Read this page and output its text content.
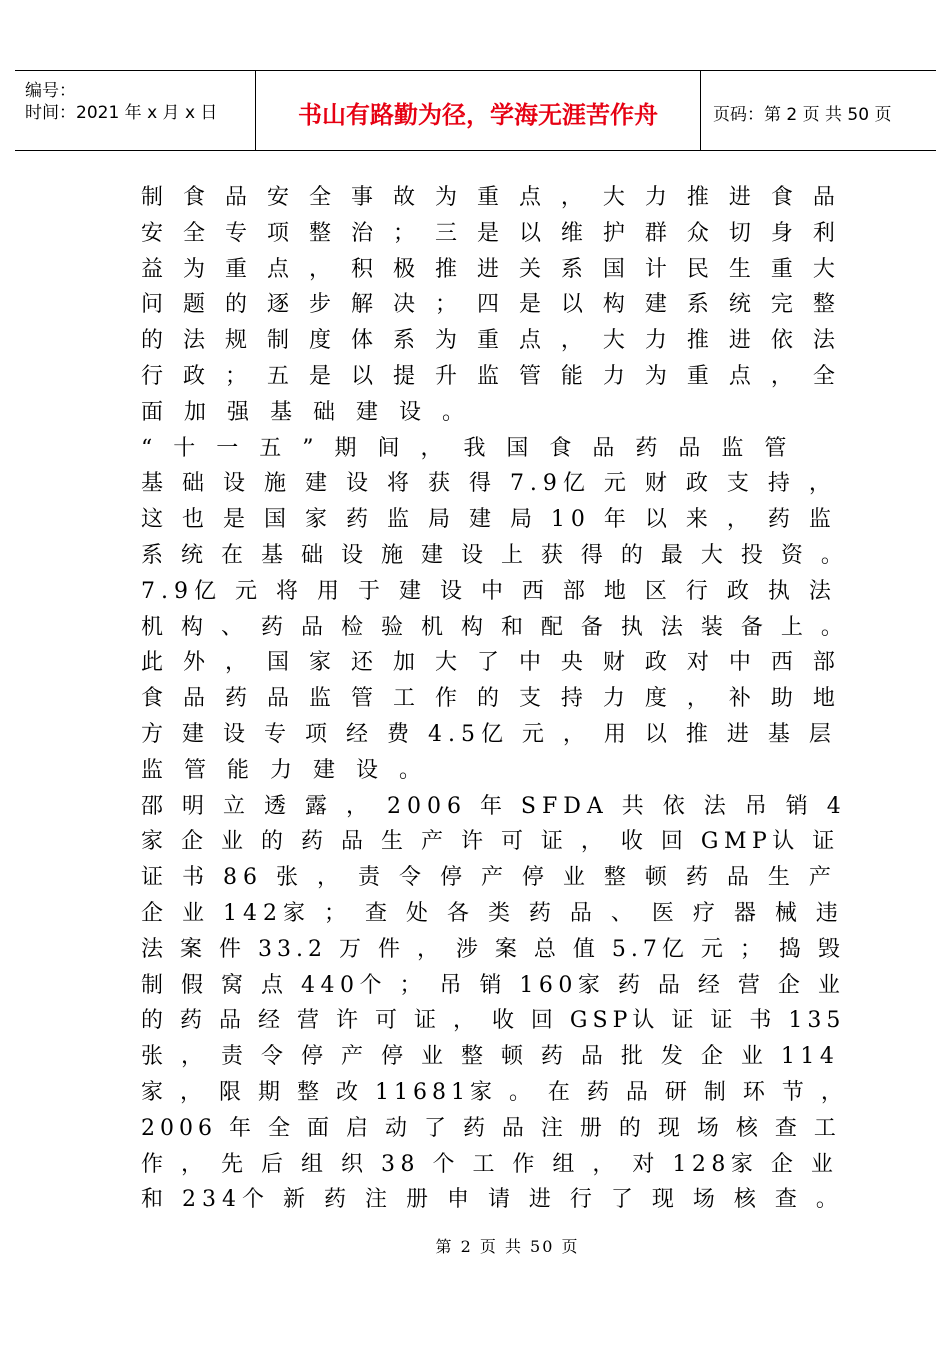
编号：
时间：2021 年 x 月 x 日	书山有路勤为径，学海无涯苦作舟	页码：第 2 页 共 50 页
制 食 品 安 全 事 故 为 重 点 ， 大 力 推 进 食 品
安 全 专 项 整 治 ； 三 是 以 维 护 群 众 切 身 利
益 为 重 点 ， 积 极 推 进 关 系 国 计 民 生 重 大
问 题 的 逐 步 解 决 ； 四 是 以 构 建 系 统 完 整
的 法 规 制 度 体 系 为 重 点 ， 大 力 推 进 依 法
行 政 ； 五 是 以 提 升 监 管 能 力 为 重 点 ， 全
面 加 强 基 础 建 设 。
“ 十 一 五 ” 期 间 ， 我 国 食 品 药 品 监 管
基 础 设 施 建 设 将 获 得 7.9亿 元 财 政 支 持 ，
这 也 是 国 家 药 监 局 建 局 10 年 以 来 ， 药 监
系 统 在 基 础 设 施 建 设 上 获 得 的 最 大 投 资 。
7.9亿 元 将 用 于 建 设 中 西 部 地 区 行 政 执 法
机 构 、 药 品 检 验 机 构 和 配 备 执 法 装 备 上 。
此 外 ， 国 家 还 加 大 了 中 央 财 政 对 中 西 部
食 品 药 品 监 管 工 作 的 支 持 力 度 ， 补 助 地
方 建 设 专 项 经 费 4.5亿 元 ， 用 以 推 进 基 层
监 管 能 力 建 设 。
邵 明 立 透 露 ， 2006 年 SFDA 共 依 法 吊 销 4
家 企 业 的 药 品 生 产 许 可 证 ， 收 回 GMP认 证
证 书 86 张 ， 责 令 停 产 停 业 整 顿 药 品 生 产
企 业 142家 ； 查 处 各 类 药 品 、 医 疗 器 械 违
法 案 件 33.2 万 件 ， 涉 案 总 值 5.7亿 元 ； 捣 毁
制 假 窝 点 440个 ； 吊 销 160家 药 品 经 营 企 业
的 药 品 经 营 许 可 证 ， 收 回 GSP认 证 证 书 135
张 ， 责 令 停 产 停 业 整 顿 药 品 批 发 企 业 114
家 ， 限 期 整 改 11681家 。 在 药 品 研 制 环 节 ，
2006 年 全 面 启 动 了 药 品 注 册 的 现 场 核 查 工
作 ， 先 后 组 织 38 个 工 作 组 ， 对 128家 企 业
和 234个 新 药 注 册 申 请 进 行 了 现 场 核 查 。
第 2 页 共 50 页
